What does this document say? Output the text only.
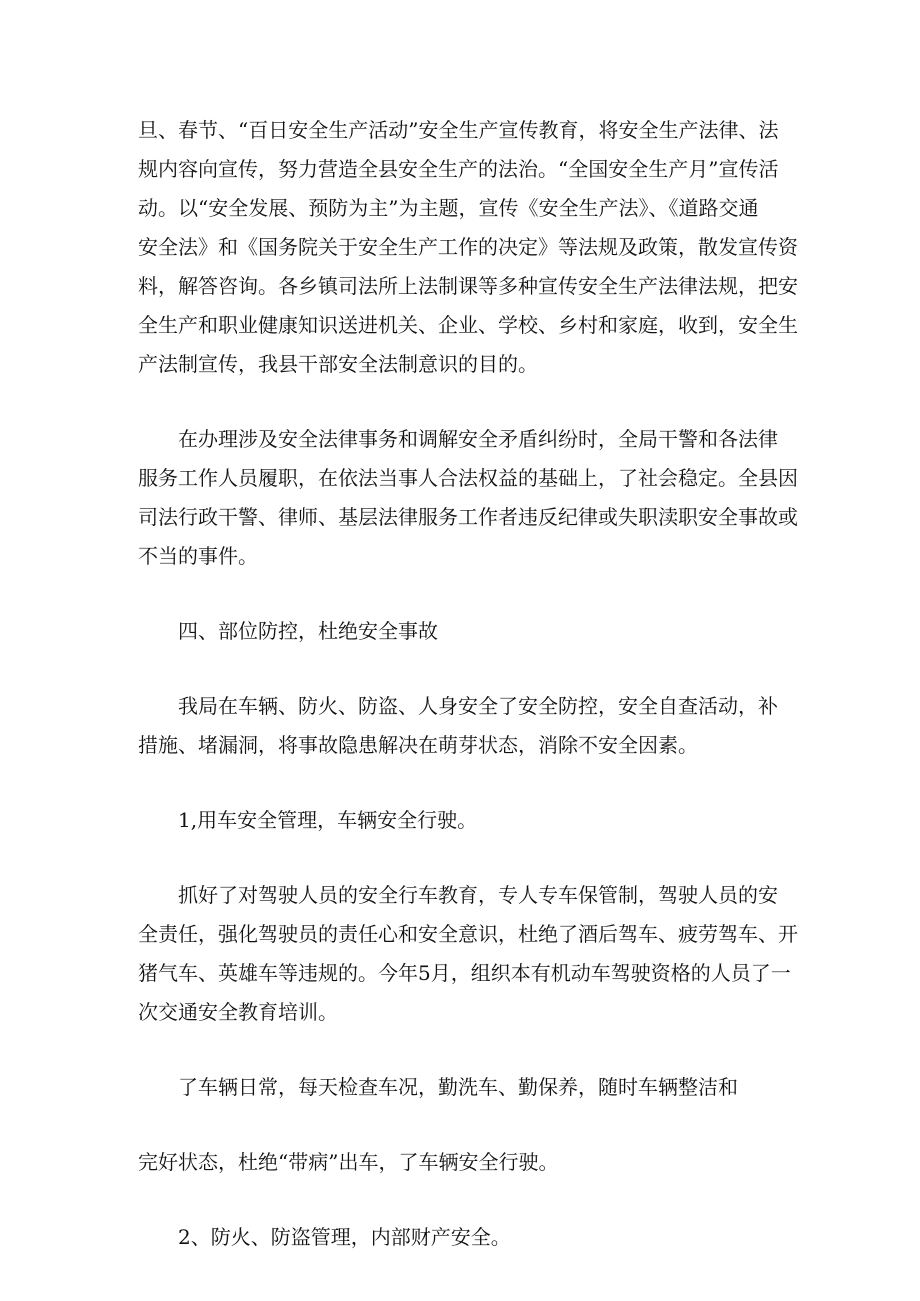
旦、春节、“百日安全生产活动”安全生产宣传教育，将安全生产法律、法
规内容向宣传，努力营造全县安全生产的法治。“全国安全生产月”宣传活
动。以“安全发展、预防为主”为主题，宣传《安全生产法》、《道路交通
安全法》和《国务院关于安全生产工作的决定》等法规及政策，散发宣传资
料，解答咨询。各乡镇司法所上法制课等多种宣传安全生产法律法规，把安
全生产和职业健康知识送进机关、企业、学校、乡村和家庭，收到，安全生
产法制宣传，我县干部安全法制意识的目的。
在办理涉及安全法律事务和调解安全矛盾纠纷时，全局干警和各法律
服务工作人员履职，在依法当事人合法权益的基础上，了社会稳定。全县因
司法行政干警、律师、基层法律服务工作者违反纪律或失职渎职安全事故或
不当的事件。
四、部位防控，杜绝安全事故
我局在车辆、防火、防盗、人身安全了安全防控，安全自查活动，补
措施、堵漏洞，将事故隐患解决在萌芽状态，消除不安全因素。
1,用车安全管理，车辆安全行驶。
抓好了对驾驶人员的安全行车教育，专人专车保管制，驾驶人员的安
全责任，强化驾驶员的责任心和安全意识，杜绝了酒后驾车、疲劳驾车、开
猪气车、英雄车等违规的。今年5月，组织本有机动车驾驶资格的人员了一
次交通安全教育培训。
了车辆日常，每天检查车况，勤洗车、勤保养，随时车辆整洁和
完好状态，杜绝“带病”出车，了车辆安全行驶。
2、防火、防盗管理，内部财产安全。
